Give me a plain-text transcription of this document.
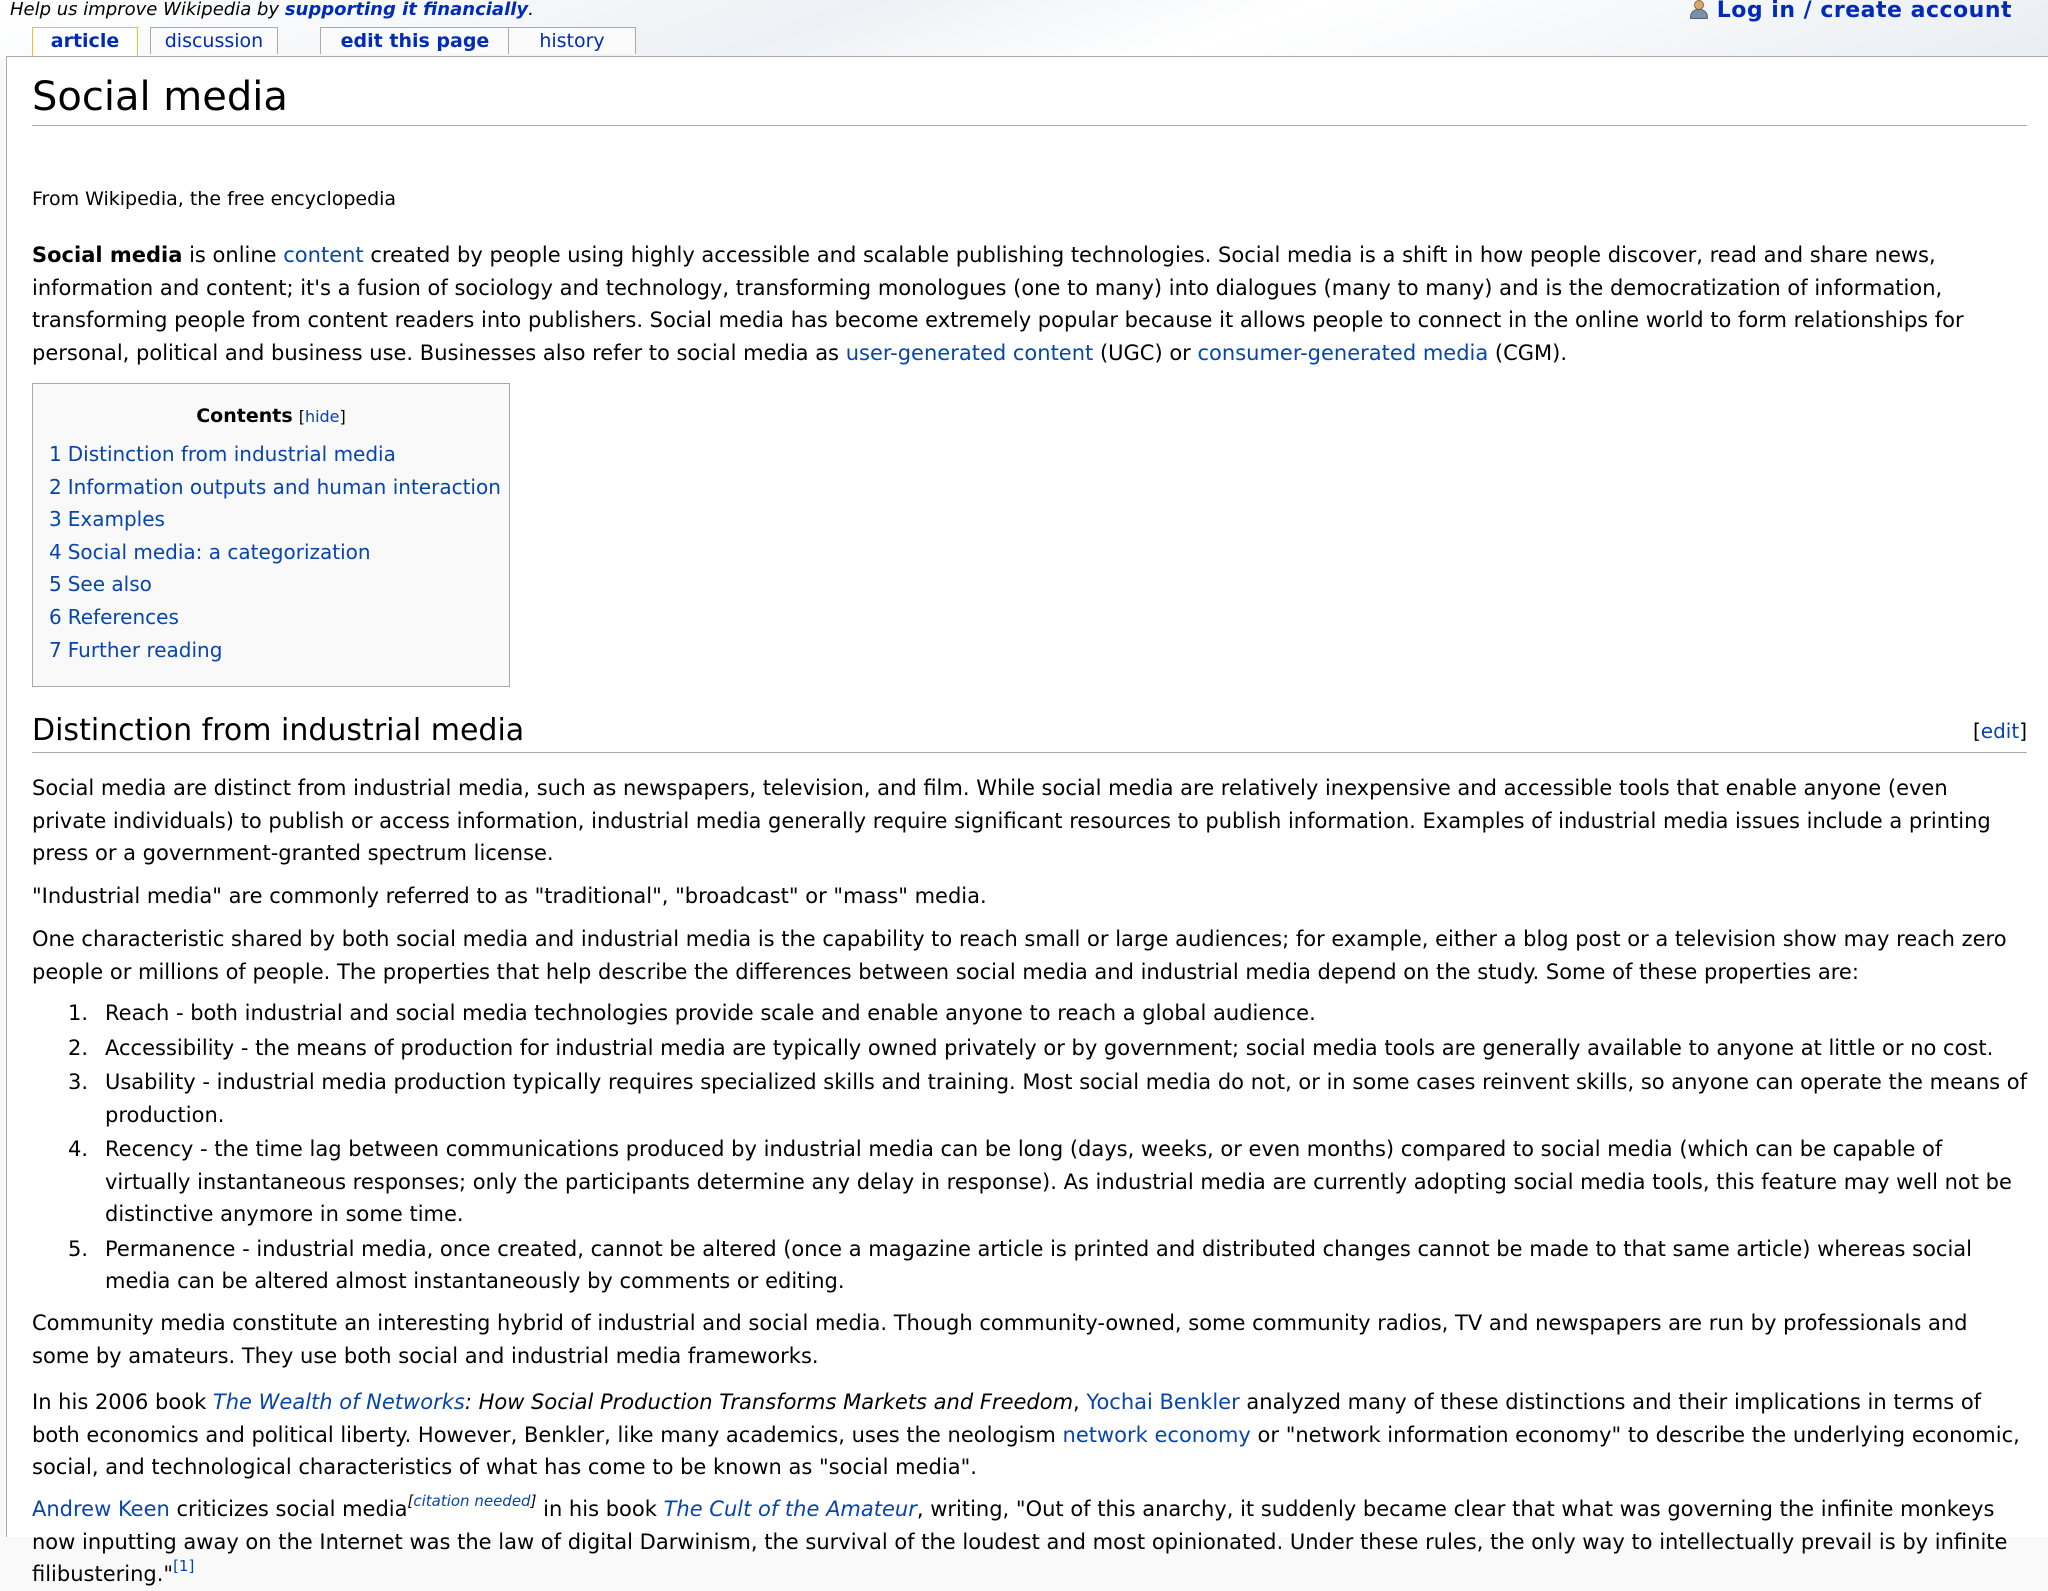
Help us improve Wikipedia by supporting it financially.	Log in / create account
article	discussion	edit this page	history
Social media
From Wikipedia, the free encyclopedia

Social media is online content created by people using highly accessible and scalable publishing technologies. Social media is a shift in how people discover, read and share news, information and content; it's a fusion of sociology and technology, transforming monologues (one to many) into dialogues (many to many) and is the democratization of information, transforming people from content readers into publishers. Social media has become extremely popular because it allows people to connect in the online world to form relationships for personal, political and business use. Businesses also refer to social media as user-generated content (UGC) or consumer-generated media (CGM).

Contents [hide]
1 Distinction from industrial media
2 Information outputs and human interaction
3 Examples
4 Social media: a categorization
5 See also
6 References
7 Further reading
Distinction from industrial media	[edit]

Social media are distinct from industrial media, such as newspapers, television, and film. While social media are relatively inexpensive and accessible tools that enable anyone (even private individuals) to publish or access information, industrial media generally require significant resources to publish information. Examples of industrial media issues include a printing press or a government-granted spectrum license.

"Industrial media" are commonly referred to as "traditional", "broadcast" or "mass" media.

One characteristic shared by both social media and industrial media is the capability to reach small or large audiences; for example, either a blog post or a television show may reach zero people or millions of people. The properties that help describe the differences between social media and industrial media depend on the study. Some of these properties are:

1. Reach - both industrial and social media technologies provide scale and enable anyone to reach a global audience.
2. Accessibility - the means of production for industrial media are typically owned privately or by government; social media tools are generally available to anyone at little or no cost.
3. Usability - industrial media production typically requires specialized skills and training. Most social media do not, or in some cases reinvent skills, so anyone can operate the means of production.
4. Recency - the time lag between communications produced by industrial media can be long (days, weeks, or even months) compared to social media (which can be capable of virtually instantaneous responses; only the participants determine any delay in response). As industrial media are currently adopting social media tools, this feature may well not be distinctive anymore in some time.
5. Permanence - industrial media, once created, cannot be altered (once a magazine article is printed and distributed changes cannot be made to that same article) whereas social media can be altered almost instantaneously by comments or editing.

Community media constitute an interesting hybrid of industrial and social media. Though community-owned, some community radios, TV and newspapers are run by professionals and some by amateurs. They use both social and industrial media frameworks.

In his 2006 book The Wealth of Networks: How Social Production Transforms Markets and Freedom, Yochai Benkler analyzed many of these distinctions and their implications in terms of both economics and political liberty. However, Benkler, like many academics, uses the neologism network economy or "network information economy" to describe the underlying economic, social, and technological characteristics of what has come to be known as "social media".

Andrew Keen criticizes social media[citation needed] in his book The Cult of the Amateur, writing, "Out of this anarchy, it suddenly became clear that what was governing the infinite monkeys now inputting away on the Internet was the law of digital Darwinism, the survival of the loudest and most opinionated. Under these rules, the only way to intellectually prevail is by infinite filibustering."[1]
